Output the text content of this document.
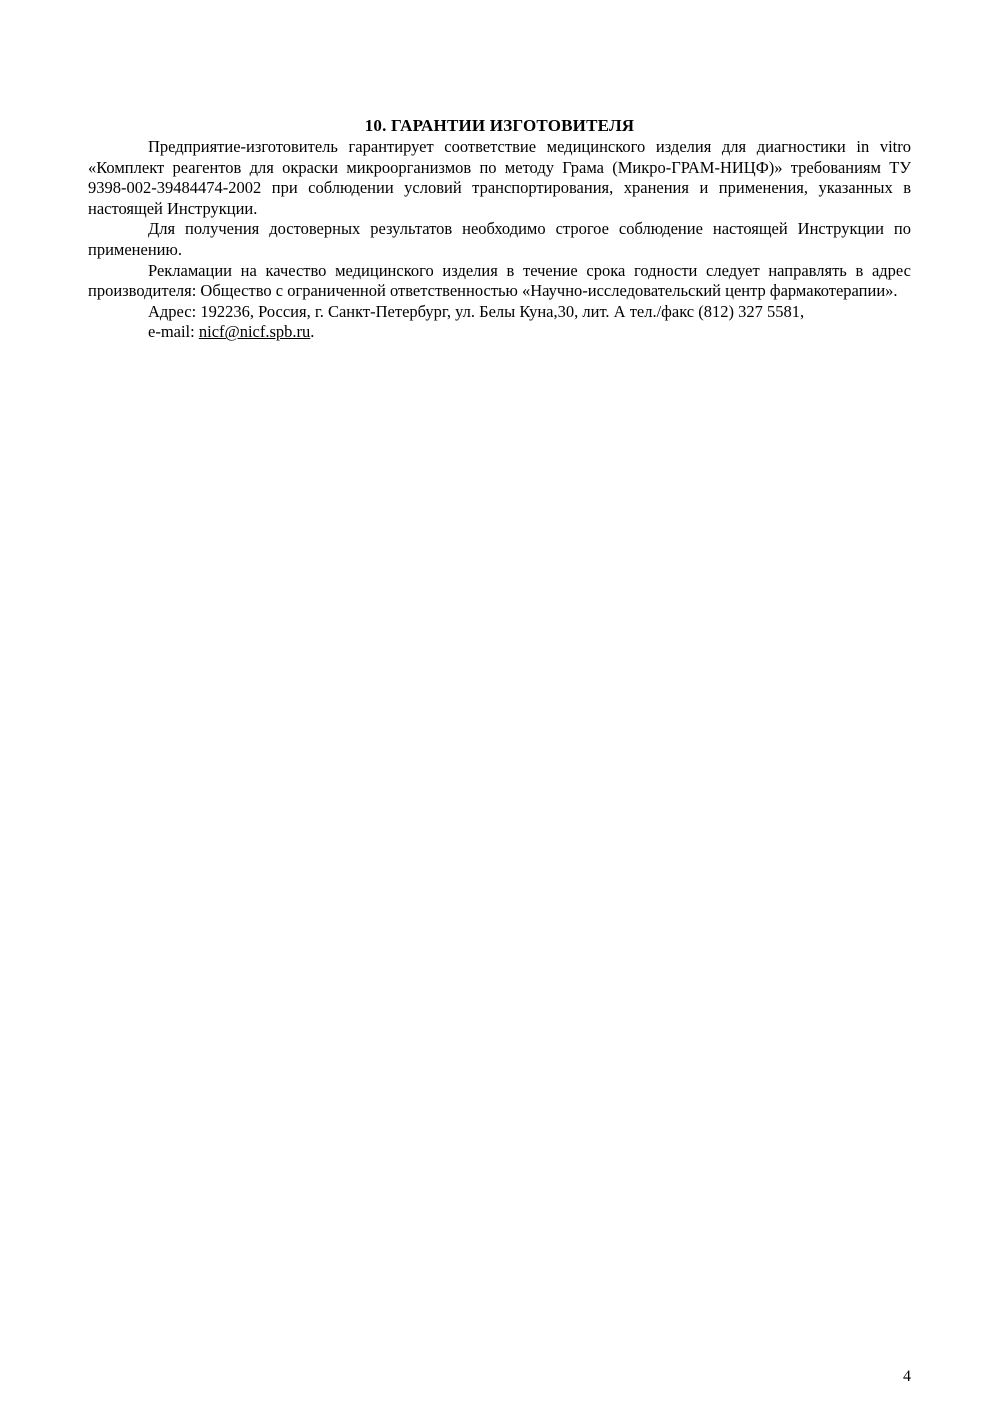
10. ГАРАНТИИ ИЗГОТОВИТЕЛЯ

Предприятие-изготовитель гарантирует соответствие медицинского изделия для диагностики in vitro «Комплект реагентов для окраски микроорганизмов по методу Грама (Микро-ГРАМ-НИЦФ)» требованиям ТУ 9398-002-39484474-2002 при соблюдении условий транспортирования, хранения и применения, указанных в настоящей Инструкции.

Для получения достоверных результатов необходимо строгое соблюдение настоящей Инструкции по применению.

Рекламации на качество медицинского изделия в течение срока годности следует направлять в адрес производителя: Общество с ограниченной ответственностью «Научно-исследовательский центр фармакотерапии».

Адрес: 192236, Россия, г. Санкт-Петербург, ул. Белы Куна,30, лит. А тел./факс (812) 327 5581,

e-mail: nicf@nicf.spb.ru.

4
